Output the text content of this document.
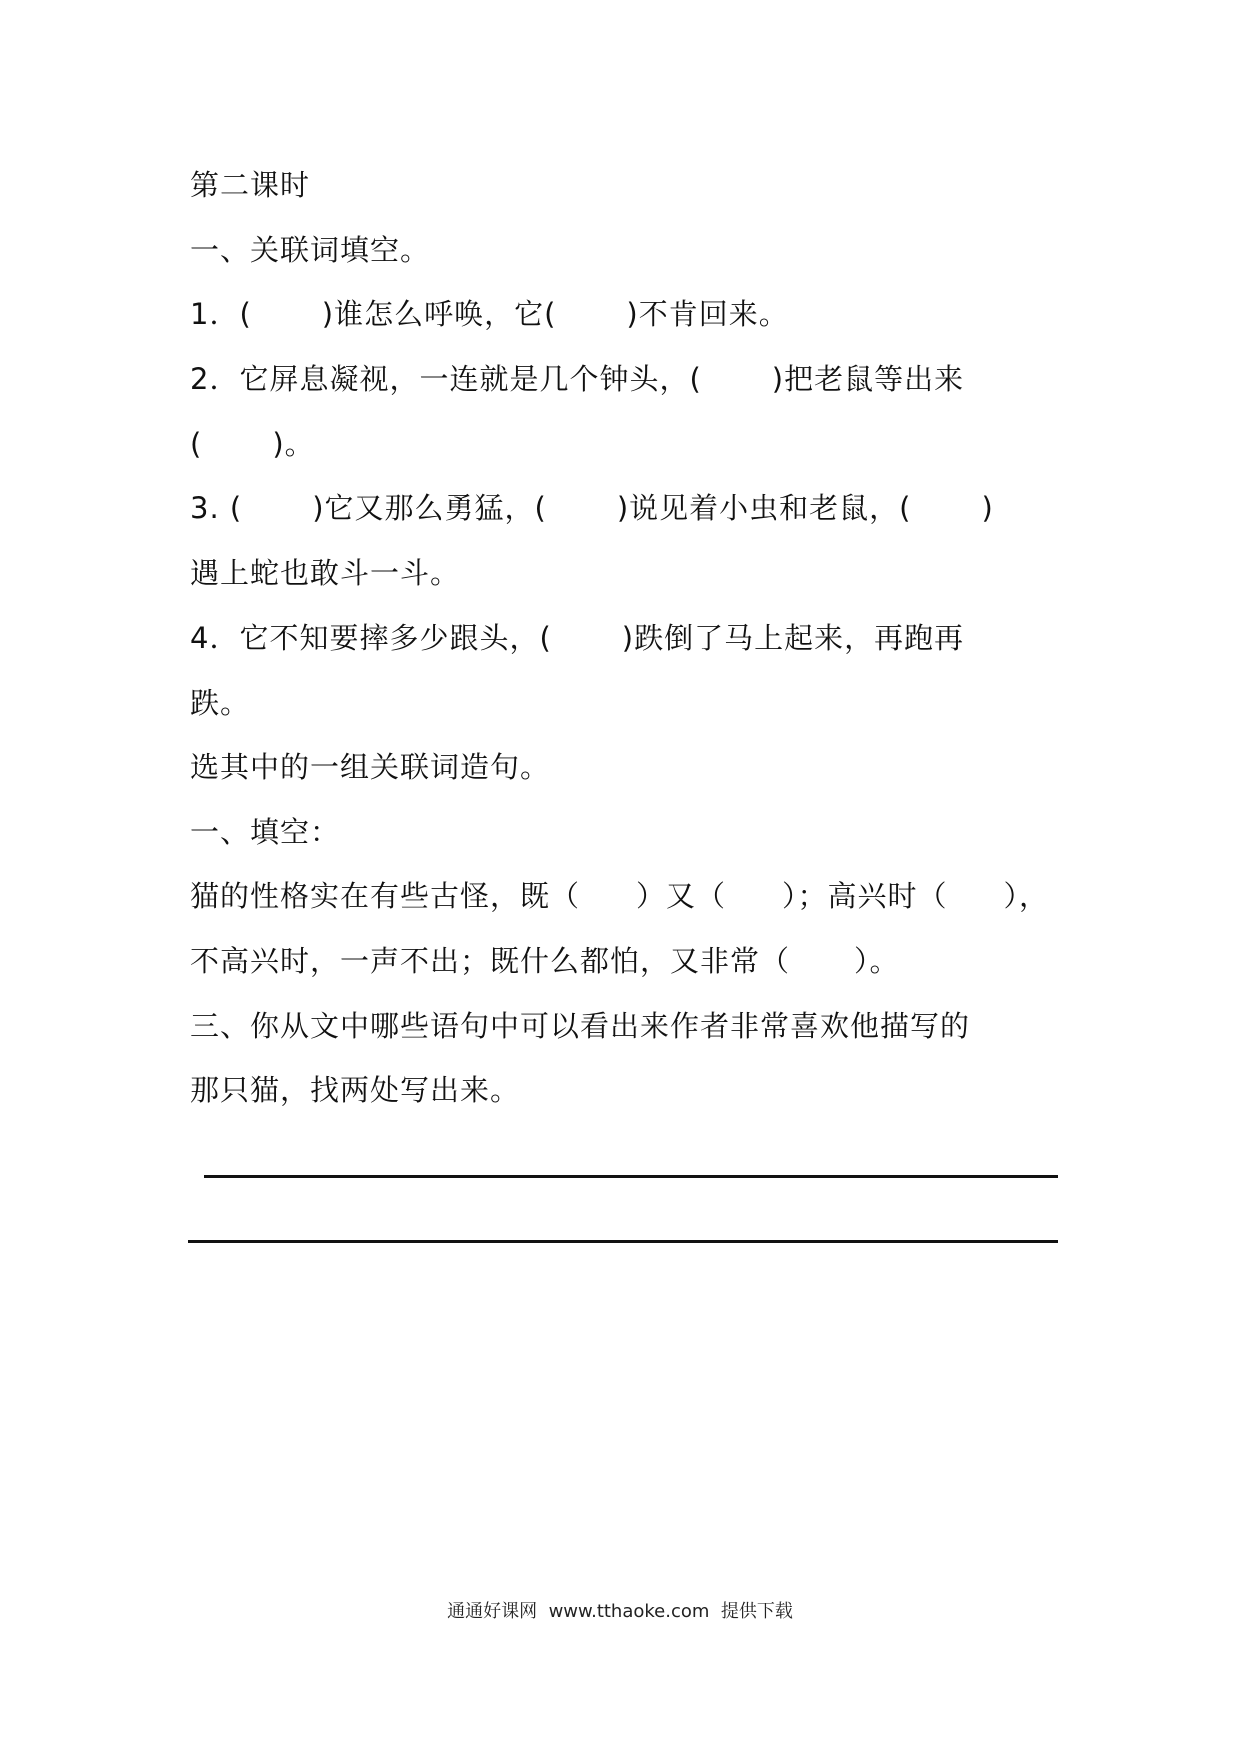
第二课时
一、关联词填空。
1．( )谁怎么呼唤，它( )不肯回来。
2．它屏息凝视，一连就是几个钟头，( )把老鼠等出来
( )。
3. ( )它又那么勇猛，( )说见着小虫和老鼠，( )
遇上蛇也敢斗一斗。
4．它不知要摔多少跟头，( )跌倒了马上起来，再跑再
跌。
选其中的一组关联词造句。
一、填空：
猫的性格实在有些古怪，既（ ）又（ ）；高兴时（ ），
不高兴时，一声不出；既什么都怕，又非常（ ）。
三、你从文中哪些语句中可以看出来作者非常喜欢他描写的
那只猫，找两处写出来。
通通好课网  www.tthaoke.com  提供下载
